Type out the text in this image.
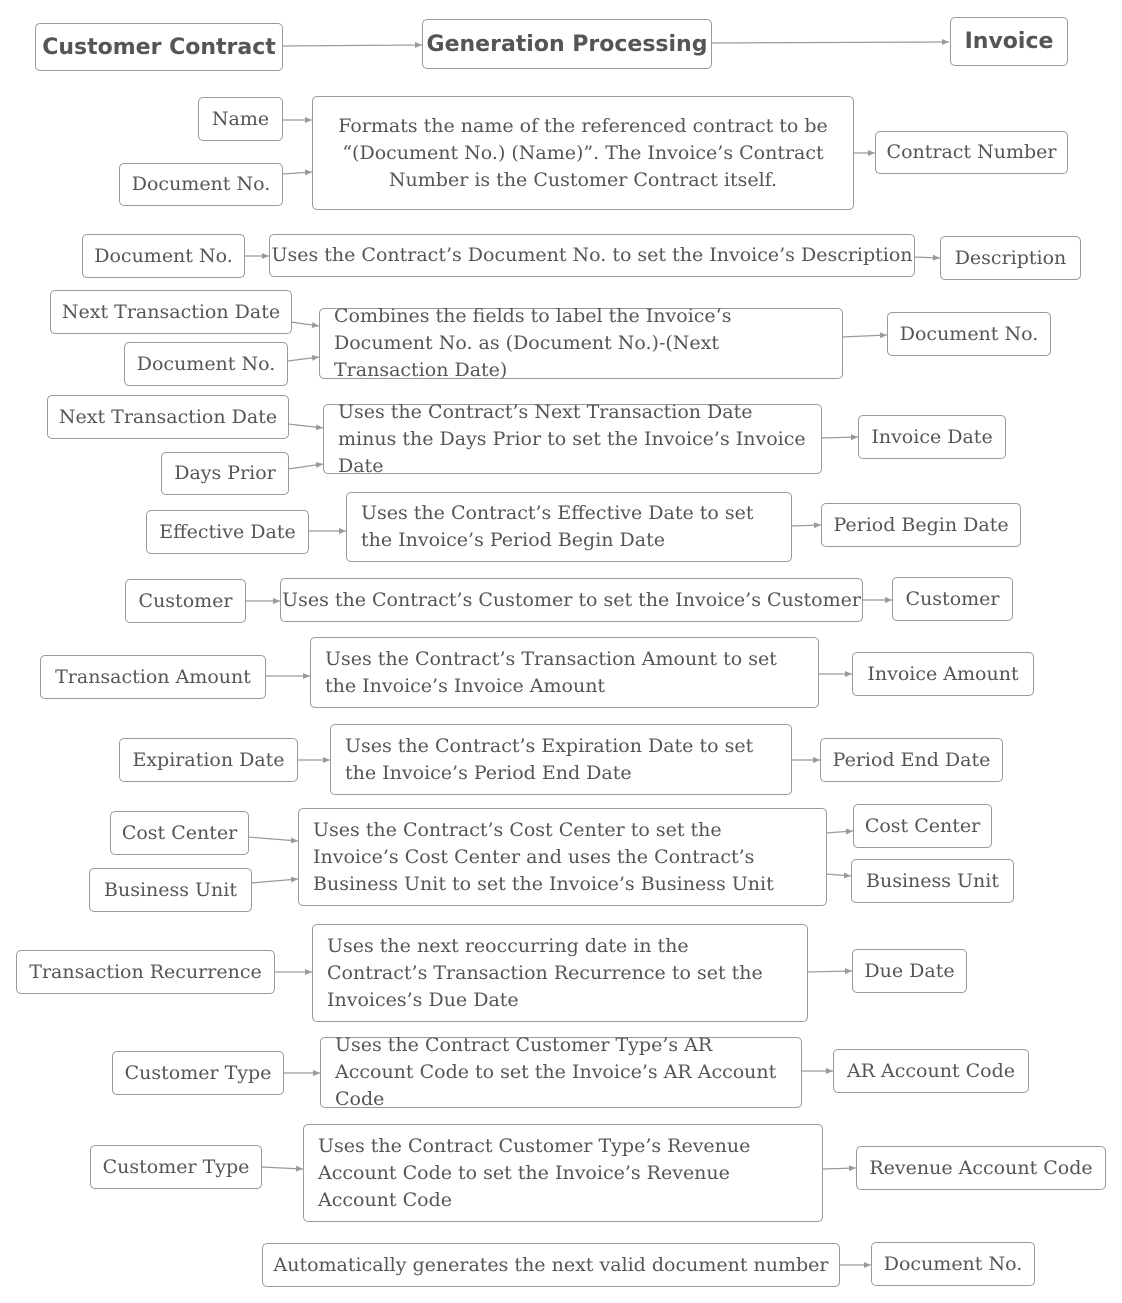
Customer Contract	Generation Processing	Invoice
Name
Document No.
Formats the name of the referenced contract to be “(Document No.) (Name)”. The Invoice’s Contract Number is the Customer Contract itself.
Contract Number
Document No.	Uses the Contract’s Document No. to set the Invoice’s Description	Description
Next Transaction Date
Document No.
Combines the fields to label the Invoice‘s Document No. as (Document No.)-(Next Transaction Date)
Document No.
Next Transaction Date
Days Prior
Uses the Contract’s Next Transaction Date minus the Days Prior to set the Invoice’s Invoice Date
Invoice Date
Effective Date
Uses the Contract’s Effective Date to set the Invoice’s Period Begin Date
Period Begin Date
Customer	Uses the Contract’s Customer to set the Invoice’s Customer	Customer
Transaction Amount
Uses the Contract’s Transaction Amount to set the Invoice’s Invoice Amount
Invoice Amount
Expiration Date
Uses the Contract’s Expiration Date to set the Invoice’s Period End Date
Period End Date
Cost Center
Business Unit
Uses the Contract’s Cost Center to set the Invoice’s Cost Center and uses the Contract’s Business Unit to set the Invoice’s Business Unit
Cost Center
Business Unit
Transaction Recurrence
Uses the next reoccurring date in the Contract’s Transaction Recurrence to set the Invoices’s Due Date
Due Date
Customer Type
Uses the Contract Customer Type’s AR Account Code to set the Invoice’s AR Account Code
AR Account Code
Customer Type
Uses the Contract Customer Type’s Revenue Account Code to set the Invoice’s Revenue Account Code
Revenue Account Code
Automatically generates the next valid document number	Document No.
